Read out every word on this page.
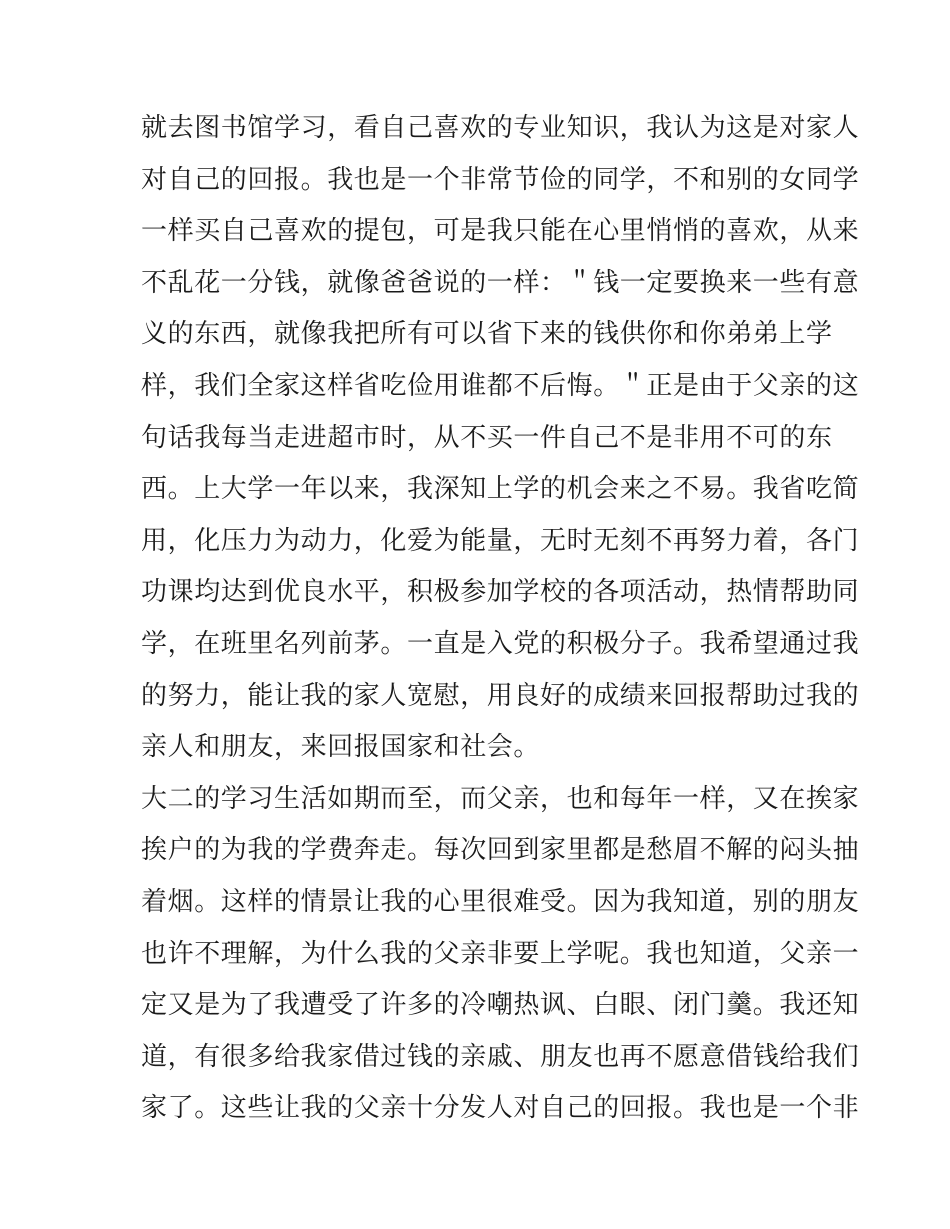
就去图书馆学习，看自己喜欢的专业知识，我认为这是对家人
对自己的回报。我也是一个非常节俭的同学，不和别的女同学
一样买自己喜欢的提包，可是我只能在心里悄悄的喜欢，从来
不乱花一分钱，就像爸爸说的一样：＂钱一定要换来一些有意
义的东西，就像我把所有可以省下来的钱供你和你弟弟上学
样，我们全家这样省吃俭用谁都不后悔。＂正是由于父亲的这
句话我每当走进超市时，从不买一件自己不是非用不可的东
西。上大学一年以来，我深知上学的机会来之不易。我省吃简
用，化压力为动力，化爱为能量，无时无刻不再努力着，各门
功课均达到优良水平，积极参加学校的各项活动，热情帮助同
学，在班里名列前茅。一直是入党的积极分子。我希望通过我
的努力，能让我的家人宽慰，用良好的成绩来回报帮助过我的
亲人和朋友，来回报国家和社会。
大二的学习生活如期而至，而父亲，也和每年一样，又在挨家
挨户的为我的学费奔走。每次回到家里都是愁眉不解的闷头抽
着烟。这样的情景让我的心里很难受。因为我知道，别的朋友
也许不理解，为什么我的父亲非要上学呢。我也知道，父亲一
定又是为了我遭受了许多的冷嘲热讽、白眼、闭门羹。我还知
道，有很多给我家借过钱的亲戚、朋友也再不愿意借钱给我们
家了。这些让我的父亲十分发人对自己的回报。我也是一个非
